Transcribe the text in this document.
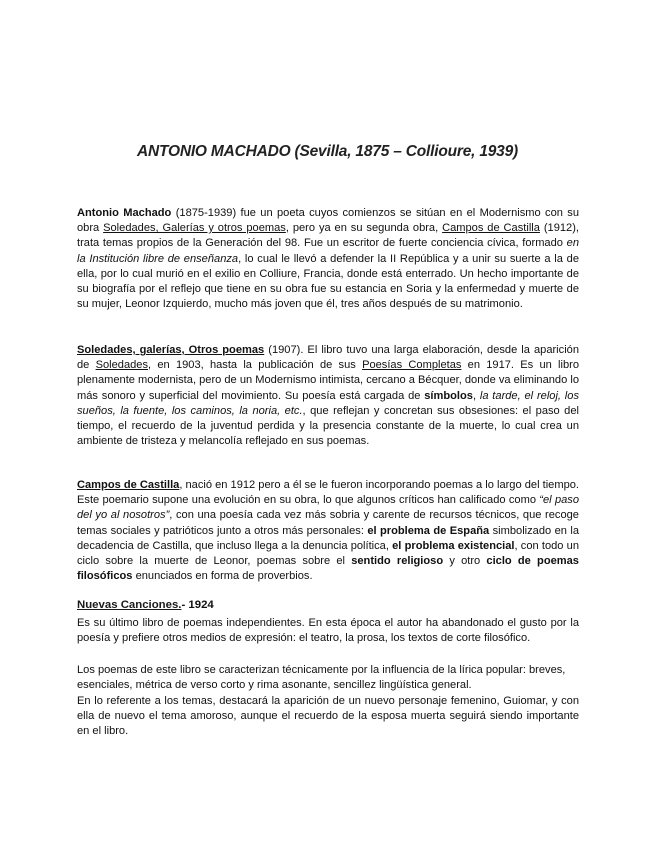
ANTONIO MACHADO (Sevilla, 1875 – Collioure, 1939)

Antonio Machado (1875-1939) fue un poeta cuyos comienzos se sitúan en el Modernismo con su obra Soledades, Galerías y otros poemas, pero ya en su segunda obra, Campos de Castilla (1912), trata temas propios de la Generación del 98. Fue un escritor de fuerte conciencia cívica, formado en la Institución libre de enseñanza, lo cual le llevó a defender la II República y a unir su suerte a la de ella, por lo cual murió en el exilio en Colliure, Francia, donde está enterrado. Un hecho importante de su biografía por el reflejo que tiene en su obra fue su estancia en Soria y la enfermedad y muerte de su mujer, Leonor Izquierdo, mucho más joven que él, tres años después de su matrimonio.

Soledades, galerías, Otros poemas (1907). El libro tuvo una larga elaboración, desde la aparición de Soledades, en 1903, hasta la publicación de sus Poesías Completas en 1917. Es un libro plenamente modernista, pero de un Modernismo intimista, cercano a Bécquer, donde va eliminando lo más sonoro y superficial del movimiento. Su poesía está cargada de símbolos, la tarde, el reloj, los sueños, la fuente, los caminos, la noria, etc., que reflejan y concretan sus obsesiones: el paso del tiempo, el recuerdo de la juventud perdida y la presencia constante de la muerte, lo cual crea un ambiente de tristeza y melancolía reflejado en sus poemas.

Campos de Castilla, nació en 1912 pero a él se le fueron incorporando poemas a lo largo del tiempo. Este poemario supone una evolución en su obra, lo que algunos críticos han calificado como “el paso del yo al nosotros”, con una poesía cada vez más sobria y carente de recursos técnicos, que recoge temas sociales y patrióticos junto a otros más personales: el problema de España simbolizado en la decadencia de Castilla, que incluso llega a la denuncia política, el problema existencial, con todo un ciclo sobre la muerte de Leonor, poemas sobre el sentido religioso y otro ciclo de poemas filosóficos enunciados en forma de proverbios.

Nuevas Canciones.- 1924

Es su último libro de poemas independientes. En esta época el autor ha abandonado el gusto por la poesía y prefiere otros medios de expresión: el teatro, la prosa, los textos de corte filosófico.

Los poemas de este libro se caracterizan técnicamente por la influencia de la lírica popular: breves, esenciales, métrica de verso corto y rima asonante, sencillez lingüística general.

En lo referente a los temas, destacará la aparición de un nuevo personaje femenino, Guiomar, y con ella de nuevo el tema amoroso, aunque el recuerdo de la esposa muerta seguirá siendo importante en el libro.
